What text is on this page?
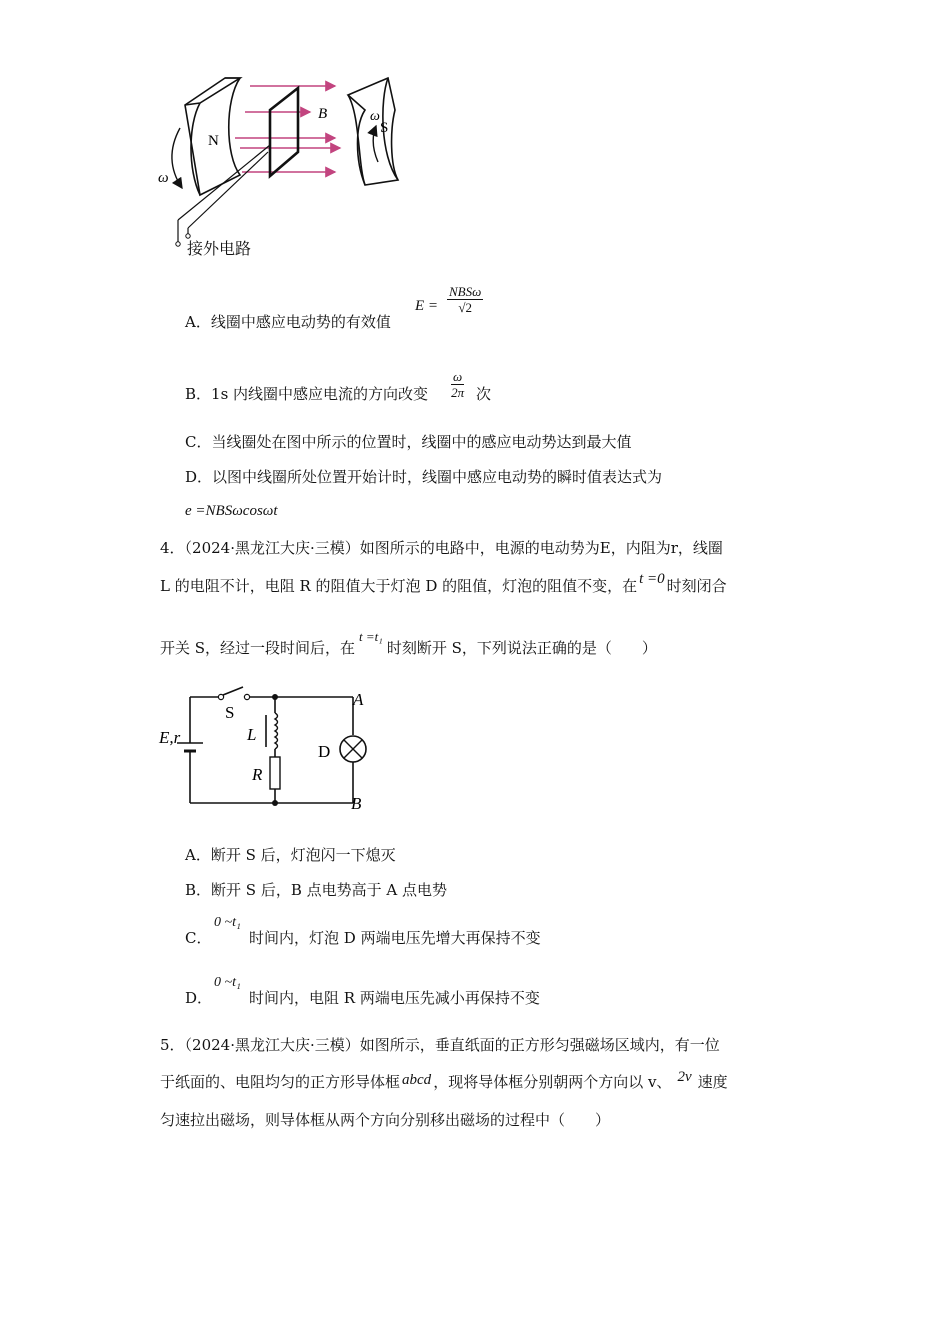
N
ω
B
S
ω
接外电路
A．线圈中感应电动势的有效值
$E = \frac{\text{NBSω}}{√2}$
B．1s 内线圈中感应电流的方向改变 $\frac{\omega}{2\pi}$ 次
C．当线圈处在图中所示的位置时，线圈中的感应电动势达到最大值
D．以图中线圈所处位置开始计时，线圈中感应电动势的瞬时值表达式为
e =NBSωcosωt
4．（2024·黑龙江大庆·三模）如图所示的电路中，电源的电动势为E，内阻为r，线圈
L 的电阻不计，电阻 R 的阻值大于灯泡 D 的阻值，灯泡的阻值不变，在 t =0 时刻闭合
开关 S，经过一段时间后，在t =t₁时刻断开 S，下列说法正确的是（　　）
S
E,r	L
R
D
A
B
A．断开 S 后，灯泡闪一下熄灭
B．断开 S 后，B 点电势高于 A 点电势
C．
0 ~t₁
时间内，灯泡 D 两端电压先增大再保持不变
D．
0 ~t₁
时间内，电阻 R 两端电压先减小再保持不变
5．（2024·黑龙江大庆·三模）如图所示，垂直纸面的正方形匀强磁场区域内，有一位
于纸面的、电阻均匀的正方形导体框 abcd ，现将导体框分别朝两个方向以 v、 2v 速度
匀速拉出磁场，则导体框从两个方向分别移出磁场的过程中（　　）
